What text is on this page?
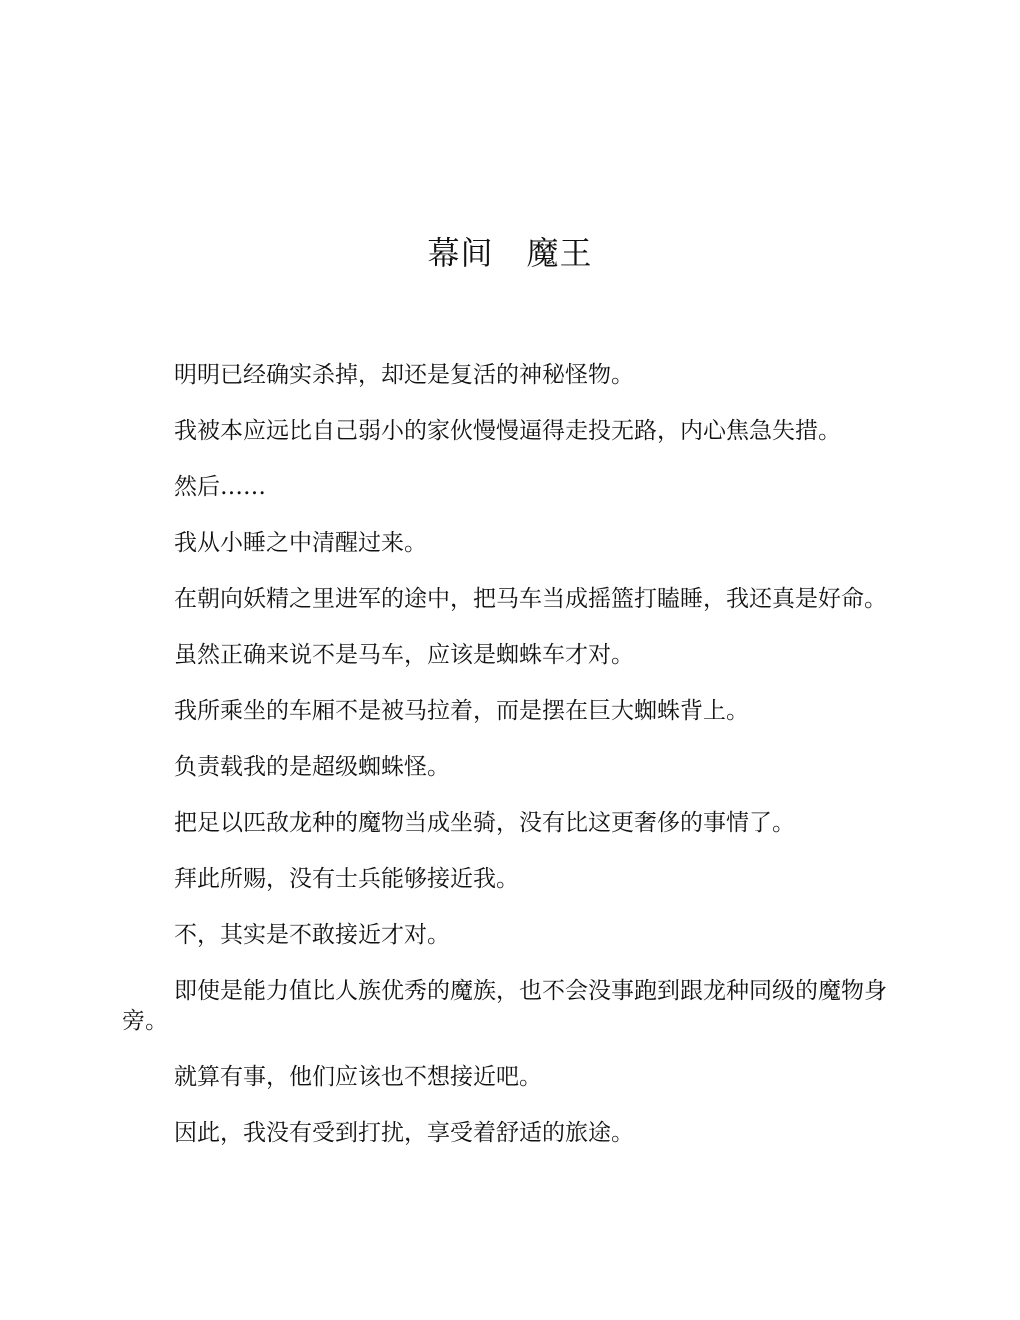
幕间　魔王

明明已经确实杀掉，却还是复活的神秘怪物。

我被本应远比自己弱小的家伙慢慢逼得走投无路，内心焦急失措。

然后……

我从小睡之中清醒过来。

在朝向妖精之里进军的途中，把马车当成摇篮打瞌睡，我还真是好命。

虽然正确来说不是马车，应该是蜘蛛车才对。

我所乘坐的车厢不是被马拉着，而是摆在巨大蜘蛛背上。

负责载我的是超级蜘蛛怪。

把足以匹敌龙种的魔物当成坐骑，没有比这更奢侈的事情了。

拜此所赐，没有士兵能够接近我。

不，其实是不敢接近才对。

即使是能力值比人族优秀的魔族，也不会没事跑到跟龙种同级的魔物身旁。

就算有事，他们应该也不想接近吧。

因此，我没有受到打扰，享受着舒适的旅途。
